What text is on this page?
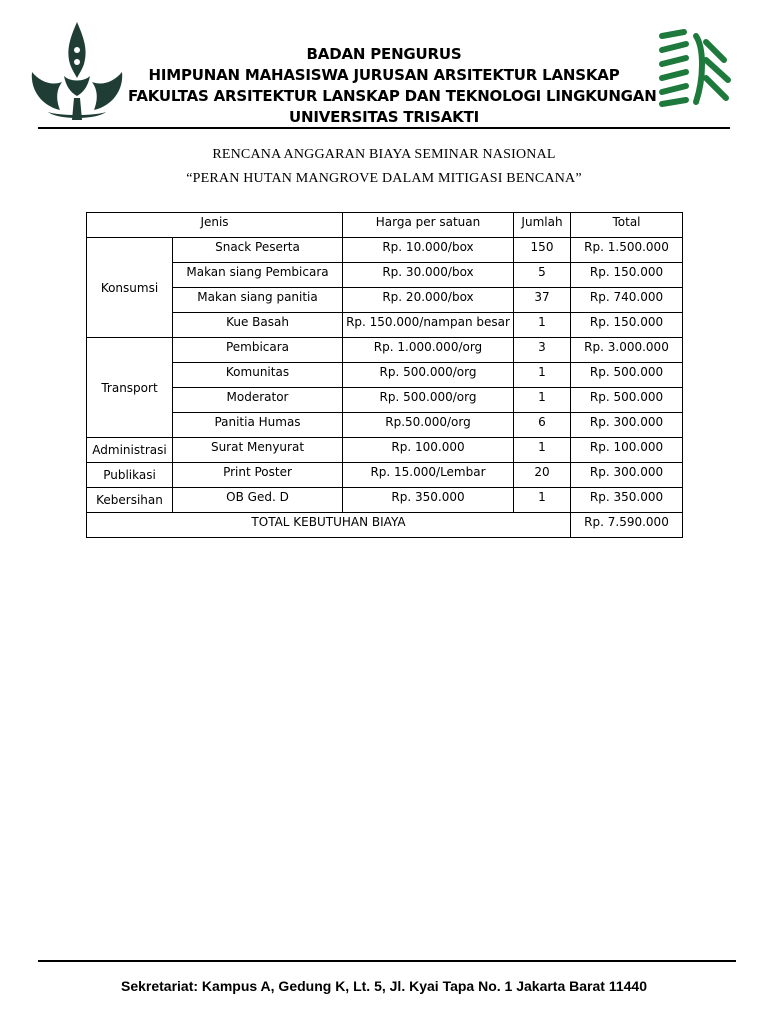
BADAN PENGURUS
HIMPUNAN MAHASISWA JURUSAN ARSITEKTUR LANSKAP
FAKULTAS ARSITEKTUR LANSKAP DAN TEKNOLOGI LINGKUNGAN
UNIVERSITAS TRISAKTI
RENCANA ANGGARAN BIAYA SEMINAR NASIONAL
“PERAN HUTAN MANGROVE DALAM MITIGASI BENCANA”
Jenis		Harga per satuan	Jumlah	Total
Konsumsi	Snack Peserta	Rp. 10.000/box	150	Rp. 1.500.000
	Makan siang Pembicara	Rp. 30.000/box	5	Rp. 150.000
	Makan siang panitia	Rp. 20.000/box	37	Rp. 740.000
	Kue Basah	Rp. 150.000/nampan besar	1	Rp. 150.000
Transport	Pembicara	Rp. 1.000.000/org	3	Rp. 3.000.000
	Komunitas	Rp. 500.000/org	1	Rp. 500.000
	Moderator	Rp. 500.000/org	1	Rp. 500.000
	Panitia Humas	Rp.50.000/org	6	Rp. 300.000
Administrasi	Surat Menyurat	Rp. 100.000	1	Rp. 100.000
Publikasi	Print Poster	Rp. 15.000/Lembar	20	Rp. 300.000
Kebersihan	OB Ged. D	Rp. 350.000	1	Rp. 350.000
TOTAL KEBUTUHAN BIAYA				Rp. 7.590.000
Sekretariat: Kampus A, Gedung K, Lt. 5, Jl. Kyai Tapa No. 1 Jakarta Barat 11440
